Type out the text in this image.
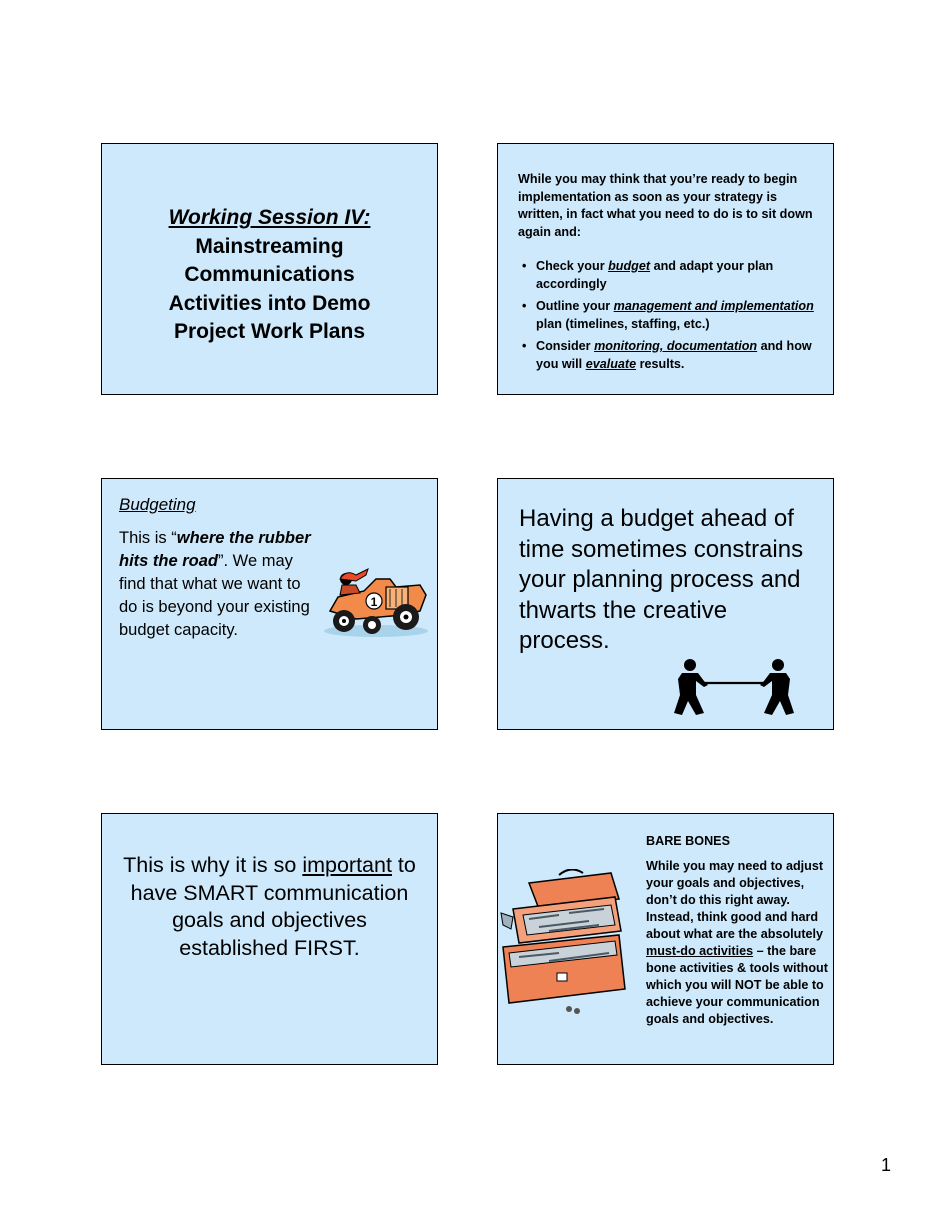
Working Session IV:
Mainstreaming
Communications
Activities into Demo
Project Work Plans
While you may think that you’re ready to begin implementation as soon as your strategy is written, in fact what you need to do is to sit down again and:
• Check your budget and adapt your plan accordingly
• Outline your management and implementation plan (timelines, staffing, etc.)
• Consider monitoring, documentation and how you will evaluate results.
Budgeting
This is “where the rubber hits the road”. We may find that what we want to do is beyond your existing budget capacity.
1
Having a budget ahead of time sometimes constrains your planning process and thwarts the creative process.
This is why it is so important to have SMART communication goals and objectives established FIRST.
BARE BONES
While you may need to adjust your goals and objectives, don’t do this right away. Instead, think good and hard about what are the absolutely must-do activities – the bare bone activities & tools without which you will NOT be able to achieve your communication goals and objectives.
1
